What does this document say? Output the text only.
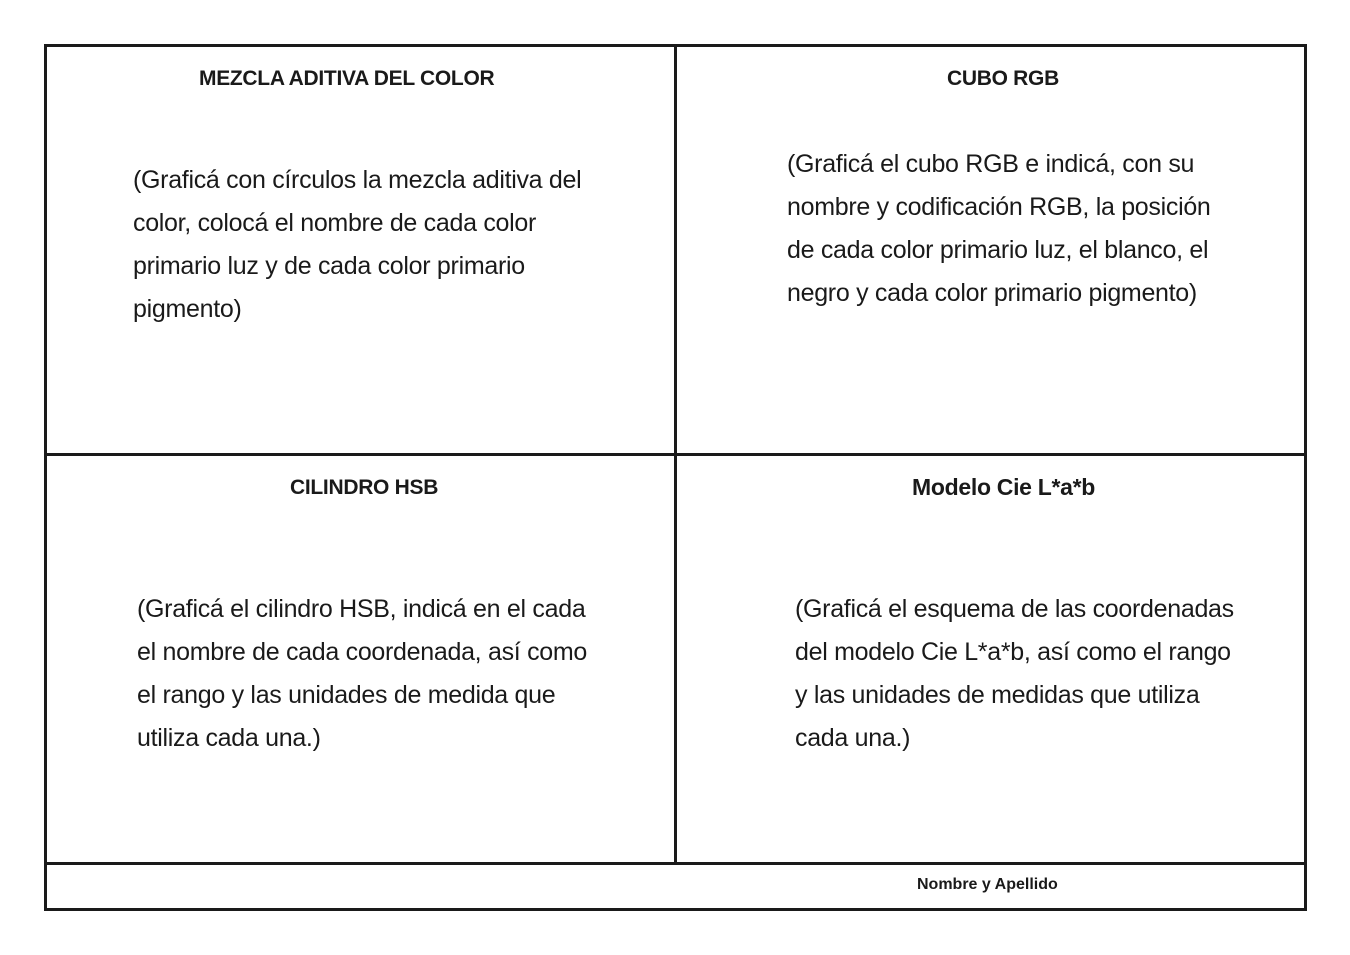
MEZCLA ADITIVA DEL COLOR
(Graficá con círculos la mezcla aditiva del color, colocá el nombre de cada color primario luz y de cada color primario pigmento)
CUBO RGB
(Graficá el cubo RGB e indicá, con su nombre y codificación RGB, la posición de cada color primario luz, el blanco, el negro y cada color primario pigmento)
CILINDRO HSB
(Graficá el cilindro HSB, indicá en el cada el nombre de cada coordenada, así como el rango y las unidades de medida que utiliza cada una.)
Modelo Cie L*a*b
(Graficá el esquema de las coordenadas del modelo Cie L*a*b, así como el rango y las unidades de medidas que utiliza cada una.)
Nombre y Apellido
